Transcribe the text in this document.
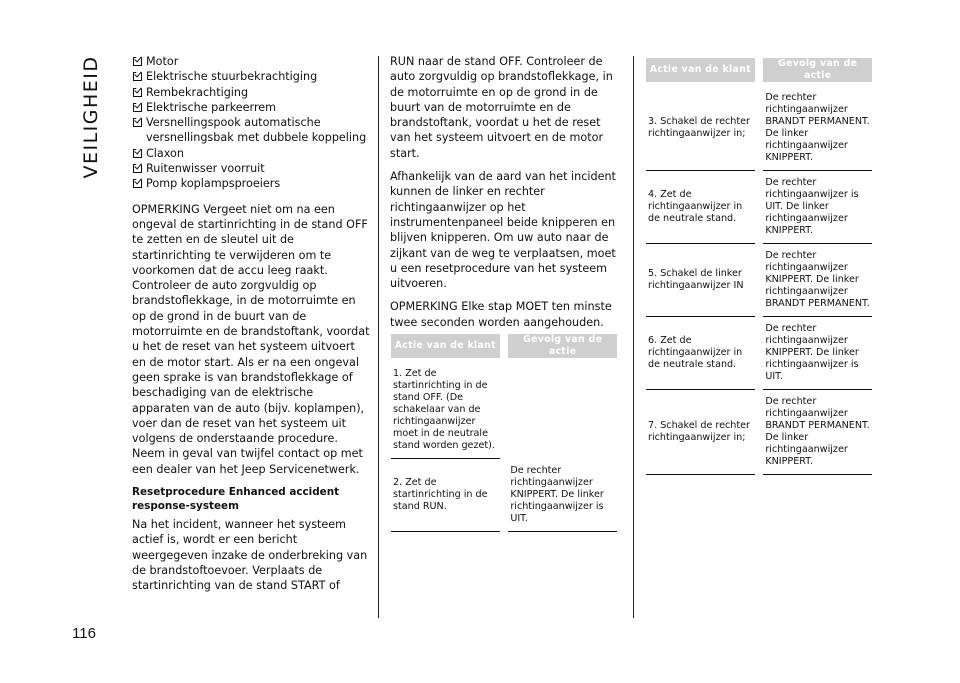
VEILIGHEID	Motor
Elektrische stuurbekrachtiging
Rembekrachtiging
Elektrische parkeerrem
Versnellingspook automatische versnellingsbak met dubbele koppeling
Claxon
Ruitenwisser voorruit
Pomp koplampsproeiers

OPMERKING Vergeet niet om na een ongeval de startinrichting in de stand OFF te zetten en de sleutel uit de startinrichting te verwijderen om te voorkomen dat de accu leeg raakt. Controleer de auto zorgvuldig op brandstoflekkage, in de motorruimte en op de grond in de buurt van de motorruimte en de brandstoftank, voordat u het de reset van het systeem uitvoert en de motor start. Als er na een ongeval geen sprake is van brandstoflekkage of beschadiging van de elektrische apparaten van de auto (bijv. koplampen), voer dan de reset van het systeem uit volgens de onderstaande procedure. Neem in geval van twijfel contact op met een dealer van het Jeep Servicenetwerk.

Resetprocedure Enhanced accident response-systeem

Na het incident, wanneer het systeem actief is, wordt er een bericht weergegeven inzake de onderbreking van de brandstoftoevoer. Verplaats de startinrichting van de stand START of

RUN naar de stand OFF. Controleer de auto zorgvuldig op brandstoflekkage, in de motorruimte en op de grond in de buurt van de motorruimte en de brandstoftank, voordat u het de reset van het systeem uitvoert en de motor start.

Afhankelijk van de aard van het incident kunnen de linker en rechter richtingaanwijzer op het instrumentenpaneel beide knipperen en blijven knipperen. Om uw auto naar de zijkant van de weg te verplaatsen, moet u een resetprocedure van het systeem uitvoeren.

OPMERKING Elke stap MOET ten minste twee seconden worden aangehouden.

Actie van de klant		Gevolg van de actie
1. Zet de startinrichting in de stand OFF. (De schakelaar van de richtingaanwijzer moet in de neutrale stand worden gezet).		
2. Zet de startinrichting in de stand RUN.		De rechter richtingaanwijzer KNIPPERT. De linker richtingaanwijzer is UIT.
Actie van de klant		Gevolg van de actie
3. Schakel de rechter richtingaanwijzer in;		De rechter richtingaanwijzer BRANDT PERMANENT. De linker richtingaanwijzer KNIPPERT.
4. Zet de richtingaanwijzer in de neutrale stand.		De rechter richtingaanwijzer is UIT. De linker richtingaanwijzer KNIPPERT.
5. Schakel de linker richtingaanwijzer IN		De rechter richtingaanwijzer KNIPPERT. De linker richtingaanwijzer BRANDT PERMANENT.
6. Zet de richtingaanwijzer in de neutrale stand.		De rechter richtingaanwijzer KNIPPERT. De linker richtingaanwijzer is UIT.
7. Schakel de rechter richtingaanwijzer in;		De rechter richtingaanwijzer BRANDT PERMANENT. De linker richtingaanwijzer KNIPPERT.
116
